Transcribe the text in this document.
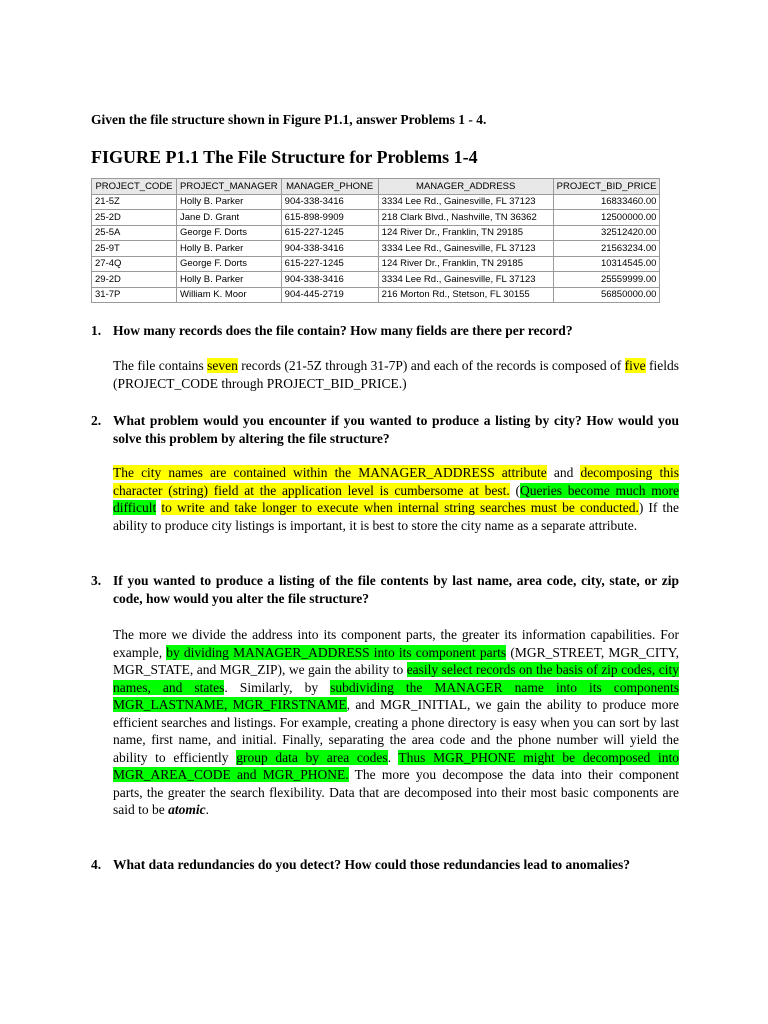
Given the file structure shown in Figure P1.1, answer Problems 1 - 4.
FIGURE P1.1 The File Structure for Problems 1-4
PROJECT_CODE	PROJECT_MANAGER	MANAGER_PHONE	MANAGER_ADDRESS	PROJECT_BID_PRICE
21-5Z	Holly B. Parker	904-338-3416	3334 Lee Rd., Gainesville, FL 37123	16833460.00
25-2D	Jane D. Grant	615-898-9909	218 Clark Blvd., Nashville, TN 36362	12500000.00
25-5A	George F. Dorts	615-227-1245	124 River Dr., Franklin, TN 29185	32512420.00
25-9T	Holly B. Parker	904-338-3416	3334 Lee Rd., Gainesville, FL 37123	21563234.00
27-4Q	George F. Dorts	615-227-1245	124 River Dr., Franklin, TN 29185	10314545.00
29-2D	Holly B. Parker	904-338-3416	3334 Lee Rd., Gainesville, FL 37123	25559999.00
31-7P	William K. Moor	904-445-2719	216 Morton Rd., Stetson, FL 30155	56850000.00
1. How many records does the file contain? How many fields are there per record?
The file contains seven records (21-5Z through 31-7P) and each of the records is composed of five fields (PROJECT_CODE through PROJECT_BID_PRICE.)
2. What problem would you encounter if you wanted to produce a listing by city? How would you solve this problem by altering the file structure?
The city names are contained within the MANAGER_ADDRESS attribute and decomposing this character (string) field at the application level is cumbersome at best. (Queries become much more difficult to write and take longer to execute when internal string searches must be conducted.) If the ability to produce city listings is important, it is best to store the city name as a separate attribute.
3. If you wanted to produce a listing of the file contents by last name, area code, city, state, or zip code, how would you alter the file structure?
The more we divide the address into its component parts, the greater its information capabilities. For example, by dividing MANAGER_ADDRESS into its component parts (MGR_STREET, MGR_CITY, MGR_STATE, and MGR_ZIP), we gain the ability to easily select records on the basis of zip codes, city names, and states. Similarly, by subdividing the MANAGER name into its components MGR_LASTNAME, MGR_FIRSTNAME, and MGR_INITIAL, we gain the ability to produce more efficient searches and listings. For example, creating a phone directory is easy when you can sort by last name, first name, and initial. Finally, separating the area code and the phone number will yield the ability to efficiently group data by area codes. Thus MGR_PHONE might be decomposed into MGR_AREA_CODE and MGR_PHONE. The more you decompose the data into their component parts, the greater the search flexibility. Data that are decomposed into their most basic components are said to be atomic.
4. What data redundancies do you detect? How could those redundancies lead to anomalies?
